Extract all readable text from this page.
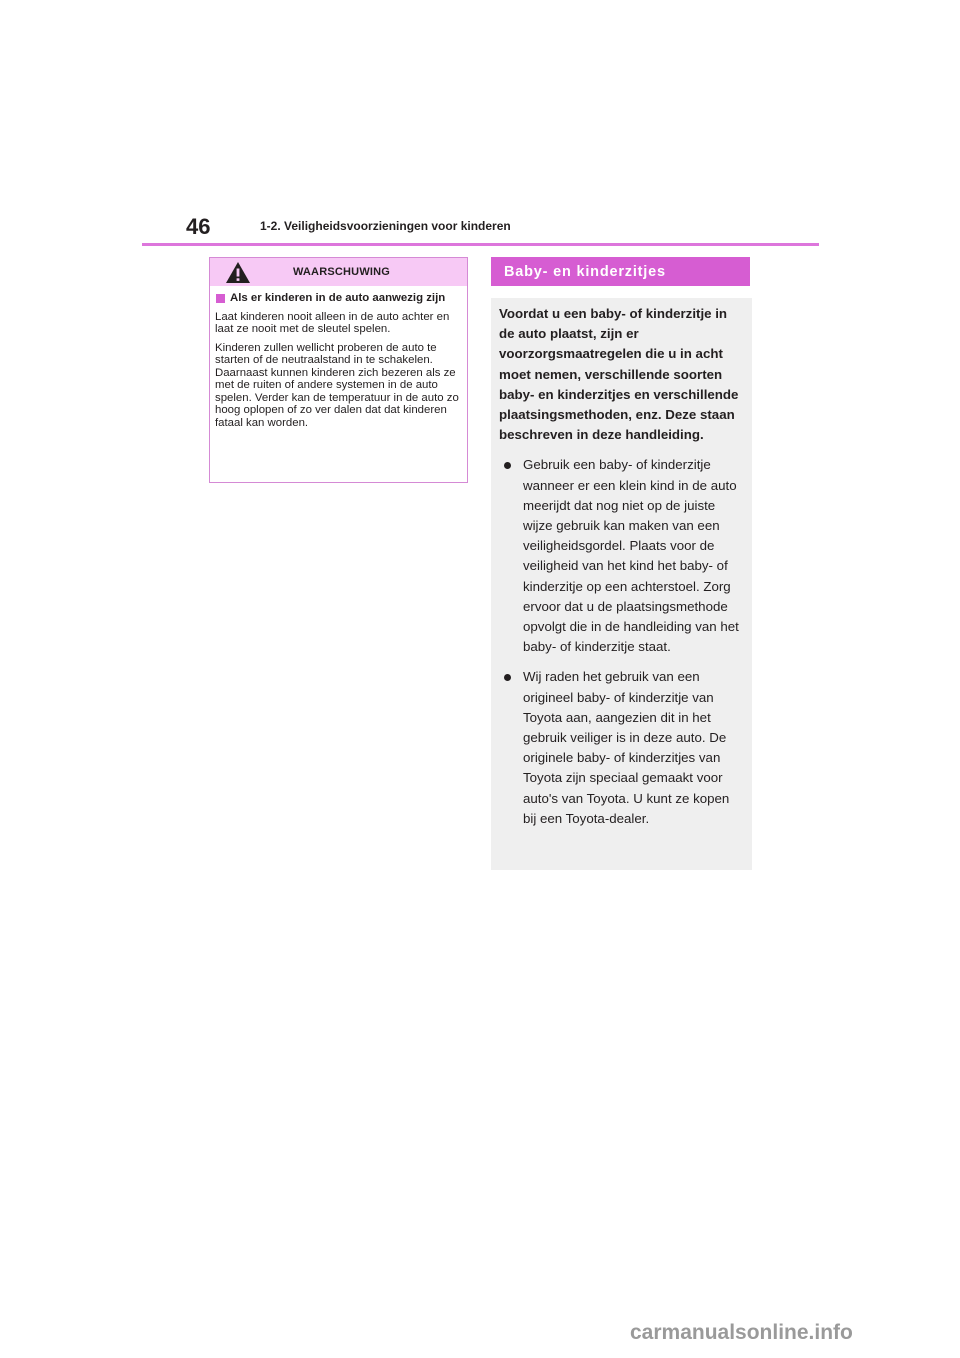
46	1-2. Veiligheidsvoorzieningen voor kinderen
WAARSCHUWING
Als er kinderen in de auto aanwezig zijn

Laat kinderen nooit alleen in de auto achter en laat ze nooit met de sleutel spelen.

Kinderen zullen wellicht proberen de auto te starten of de neutraalstand in te schakelen. Daarnaast kunnen kinderen zich bezeren als ze met de ruiten of andere systemen in de auto spelen. Verder kan de temperatuur in de auto zo hoog oplopen of zo ver dalen dat dat kinderen fataal kan worden.

Baby- en kinderzitjes

Voordat u een baby- of kinderzitje in de auto plaatst, zijn er voorzorgsmaatregelen die u in acht moet nemen, verschillende soorten baby- en kinderzitjes en verschillende plaatsingsmethoden, enz. Deze staan beschreven in deze handleiding.

Gebruik een baby- of kinderzitje wanneer er een klein kind in de auto meerijdt dat nog niet op de juiste wijze gebruik kan maken van een veiligheidsgordel. Plaats voor de veiligheid van het kind het baby- of kinderzitje op een achterstoel. Zorg ervoor dat u de plaatsingsmethode opvolgt die in de handleiding van het baby- of kinderzitje staat.
Wij raden het gebruik van een origineel baby- of kinderzitje van Toyota aan, aangezien dit in het gebruik veiliger is in deze auto. De originele baby- of kinderzitjes van Toyota zijn speciaal gemaakt voor auto's van Toyota. U kunt ze kopen bij een Toyota-dealer.
carmanualsonline.info
